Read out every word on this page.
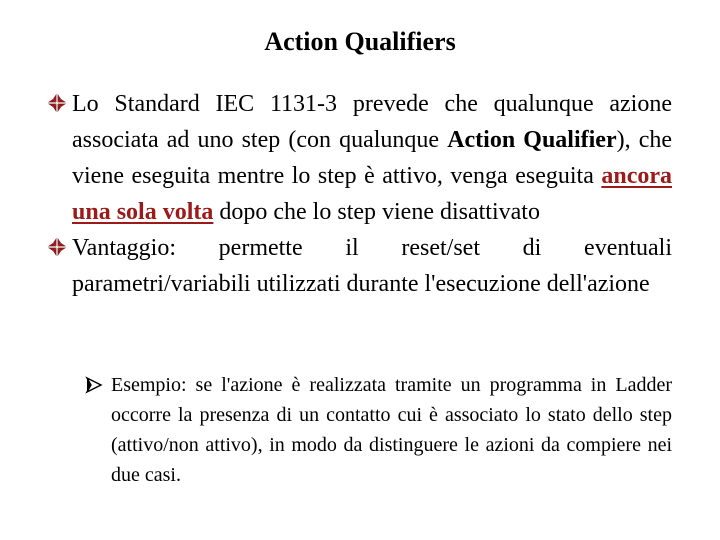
Action Qualifiers
Lo Standard IEC 1131-3 prevede che qualunque azione associata ad uno step (con qualunque Action Qualifier), che viene eseguita mentre lo step è attivo, venga eseguita ancora una sola volta dopo che lo step viene disattivato
Vantaggio: permette il reset/set di eventuali parametri/variabili utilizzati durante l'esecuzione dell'azione
Esempio: se l'azione è realizzata tramite un programma in Ladder occorre la presenza di un contatto cui è associato lo stato dello step (attivo/non attivo), in modo da distinguere le azioni da compiere nei due casi.
